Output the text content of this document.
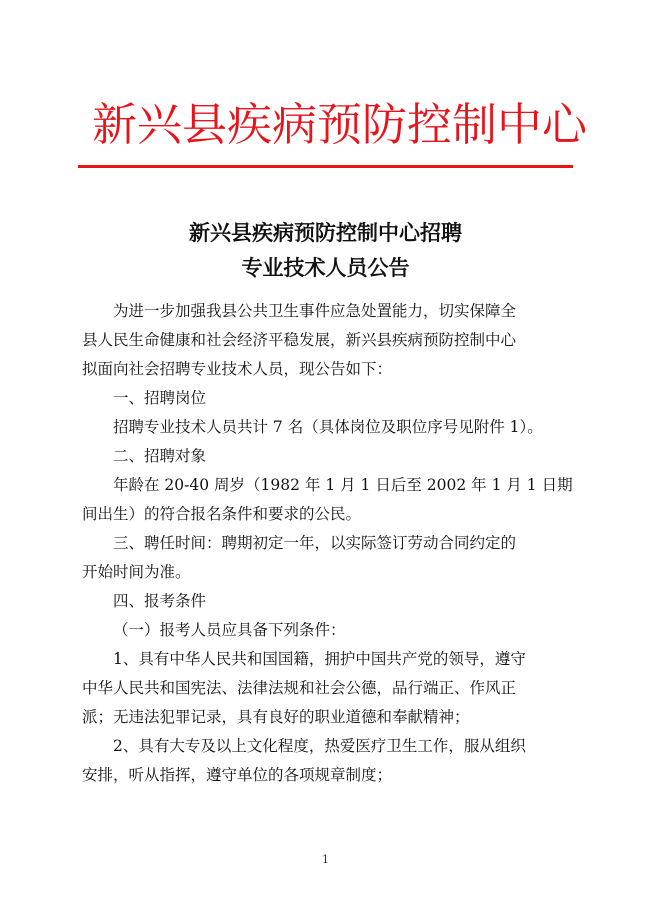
新兴县疾病预防控制中心
新兴县疾病预防控制中心招聘
专业技术人员公告
为进一步加强我县公共卫生事件应急处置能力，切实保障全
县人民生命健康和社会经济平稳发展，新兴县疾病预防控制中心
拟面向社会招聘专业技术人员，现公告如下：
一、招聘岗位
招聘专业技术人员共计 7 名（具体岗位及职位序号见附件 1）。
二、招聘对象
年龄在 20-40 周岁（1982 年 1 月 1 日后至 2002 年 1 月 1 日期
间出生）的符合报名条件和要求的公民。
三、聘任时间：聘期初定一年，以实际签订劳动合同约定的
开始时间为准。
四、报考条件
（一）报考人员应具备下列条件：
1、具有中华人民共和国国籍，拥护中国共产党的领导，遵守
中华人民共和国宪法、法律法规和社会公德，品行端正、作风正
派；无违法犯罪记录，具有良好的职业道德和奉献精神；
2、具有大专及以上文化程度，热爱医疗卫生工作，服从组织
安排，听从指挥，遵守单位的各项规章制度；
1
